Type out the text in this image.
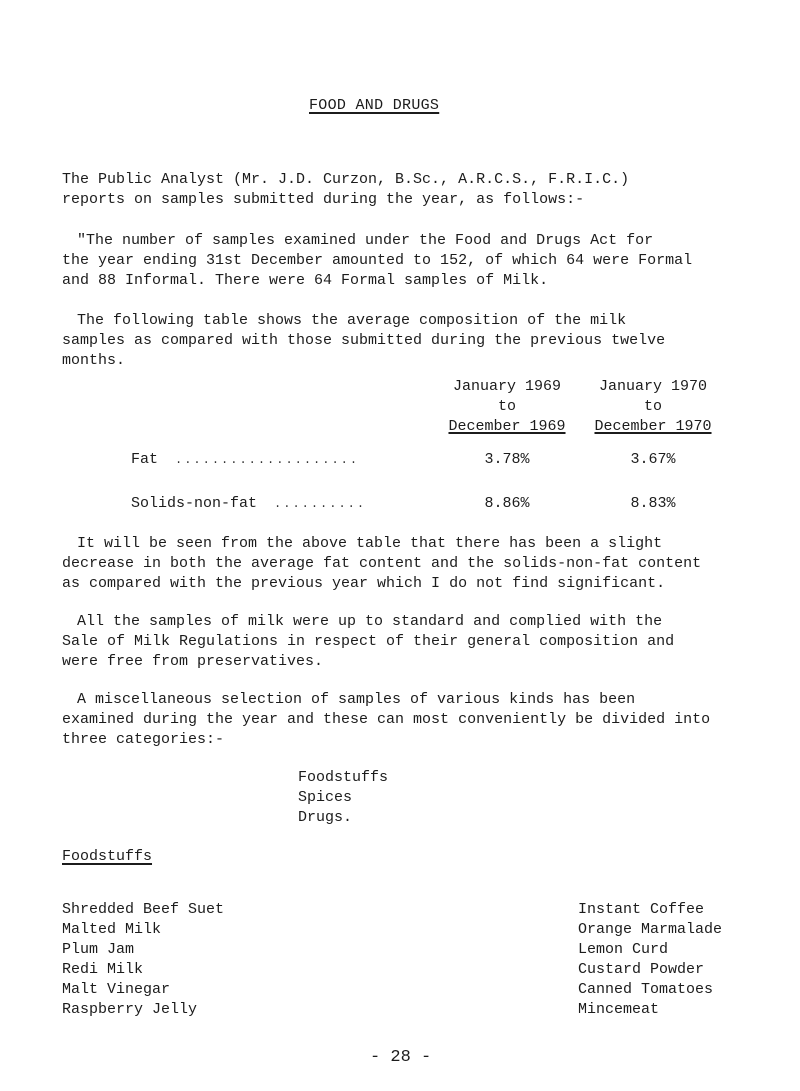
FOOD AND DRUGS
The Public Analyst (Mr. J.D. Curzon, B.Sc., A.R.C.S., F.R.I.C.)
reports on samples submitted during the year, as follows:-
"The number of samples examined under the Food and Drugs Act for
the year ending 31st December amounted to 152, of which 64 were Formal
and 88 Informal. There were 64 Formal samples of Milk.
The following table shows the average composition of the milk
samples as compared with those submitted during the previous twelve
months.
January 1969
to
December 1969
January 1970
to
December 1970
Fat ....................	3.78%	3.67%
Solids-non-fat ..........	8.86%	8.83%
It will be seen from the above table that there has been a slight
decrease in both the average fat content and the solids-non-fat content
as compared with the previous year which I do not find significant.
All the samples of milk were up to standard and complied with the
Sale of Milk Regulations in respect of their general composition and
were free from preservatives.
A miscellaneous selection of samples of various kinds has been
examined during the year and these can most conveniently be divided into
three categories:-
Foodstuffs
Spices
Drugs.
Foodstuffs
Shredded Beef Suet
Malted Milk
Plum Jam
Redi Milk
Malt Vinegar
Raspberry Jelly
Instant Coffee
Orange Marmalade
Lemon Curd
Custard Powder
Canned Tomatoes
Mincemeat
- 28 -
